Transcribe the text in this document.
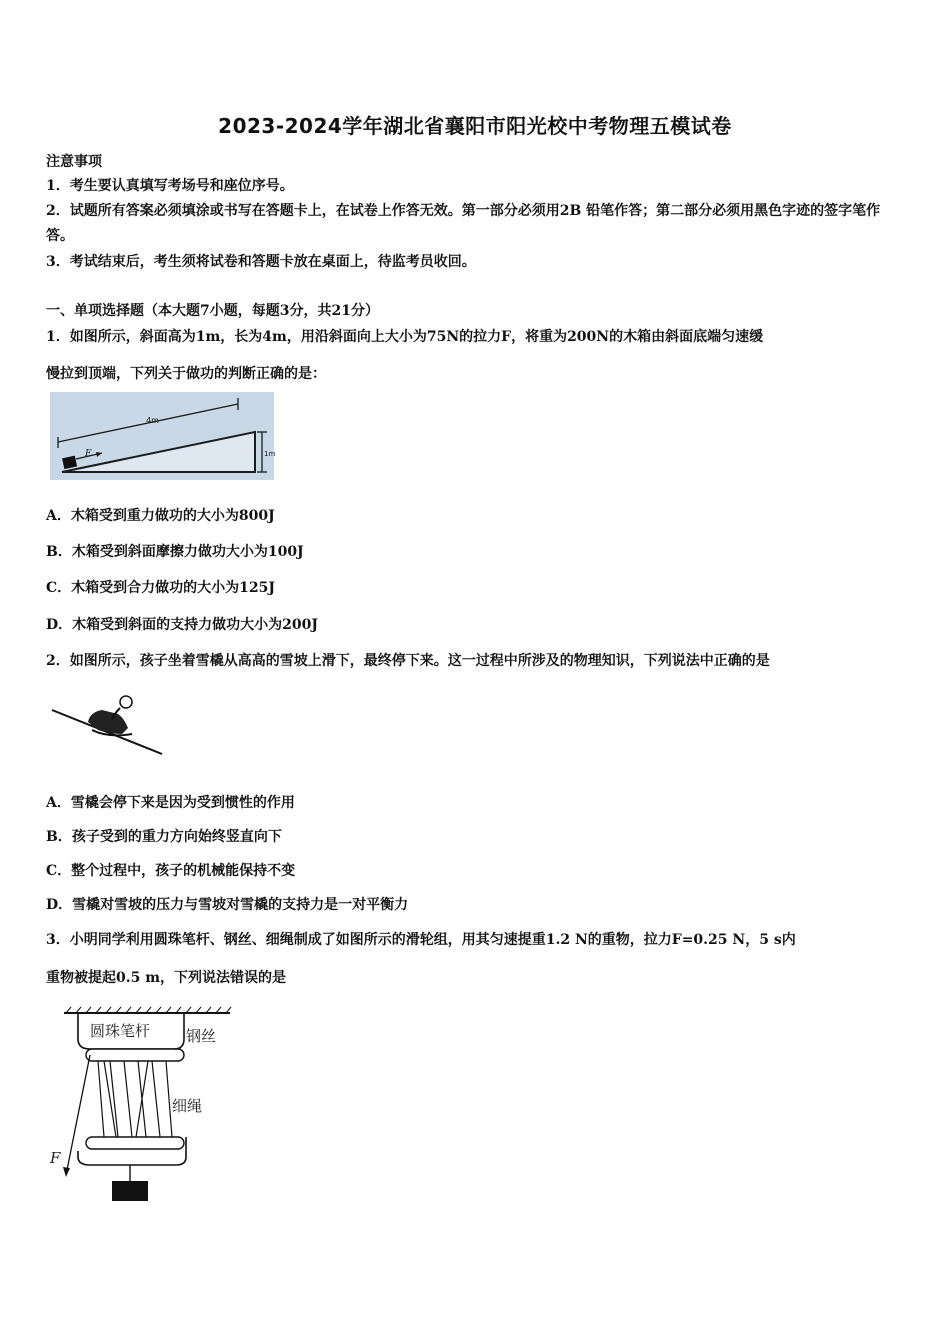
2023-2024学年湖北省襄阳市阳光校中考物理五模试卷
注意事项
1．考生要认真填写考场号和座位序号。
2．试题所有答案必须填涂或书写在答题卡上，在试卷上作答无效。第一部分必须用2B 铅笔作答；第二部分必须用黑色字迹的签字笔作答。
3．考试结束后，考生须将试卷和答题卡放在桌面上，待监考员收回。
一、单项选择题（本大题7小题，每题3分，共21分）
1．如图所示，斜面高为1m，长为4m，用沿斜面向上大小为75N的拉力F，将重为200N的木箱由斜面底端匀速缓
慢拉到顶端，下列关于做功的判断正确的是：
4m
1m
F
A．木箱受到重力做功的大小为800J
B．木箱受到斜面摩擦力做功大小为100J
C．木箱受到合力做功的大小为125J
D．木箱受到斜面的支持力做功大小为200J
2．如图所示，孩子坐着雪橇从高高的雪坡上滑下，最终停下来。这一过程中所涉及的物理知识，下列说法中正确的是
A．雪橇会停下来是因为受到惯性的作用
B．孩子受到的重力方向始终竖直向下
C．整个过程中，孩子的机械能保持不变
D．雪橇对雪坡的压力与雪坡对雪橇的支持力是一对平衡力
3．小明同学利用圆珠笔杆、钢丝、细绳制成了如图所示的滑轮组，用其匀速提重1.2 N的重物，拉力F=0.25 N，5 s内
重物被提起0.5 m，下列说法错误的是
圆珠笔杆 钢丝
F
细绳
